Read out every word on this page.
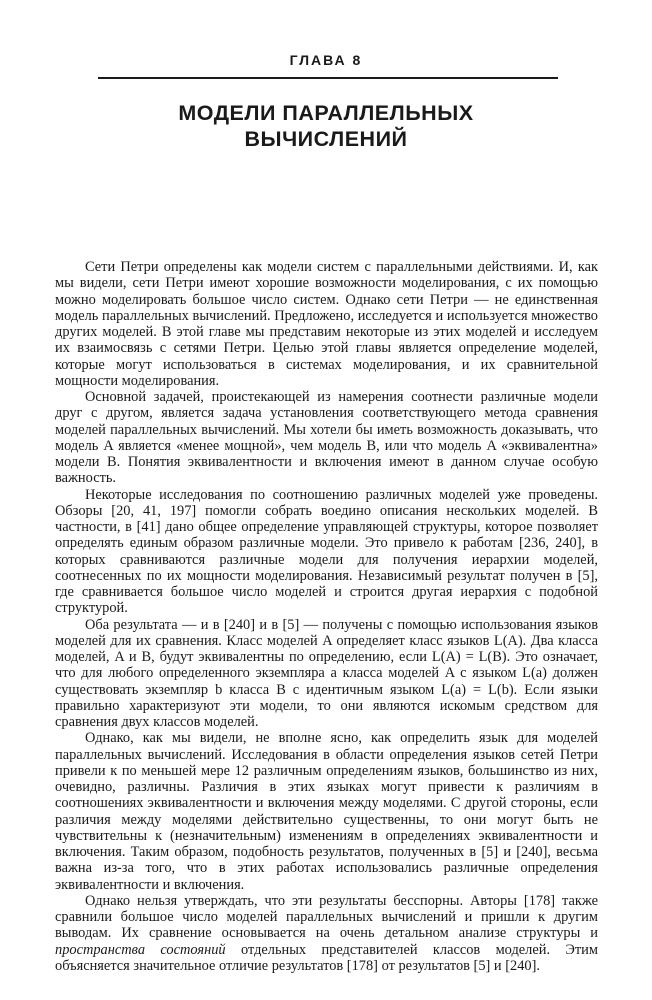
ГЛАВА 8
МОДЕЛИ ПАРАЛЛЕЛЬНЫХ
ВЫЧИСЛЕНИЙ

Сети Петри определены как модели систем с параллельными действиями. И, как мы видели, сети Петри имеют хорошие возможности моделирования, с их помощью можно моделировать большое число систем. Однако сети Петри — не единственная модель параллельных вычислений. Предложено, исследуется и используется множество других моделей. В этой главе мы представим некоторые из этих моделей и исследуем их взаимосвязь с сетями Петри. Целью этой главы является определение моделей, которые могут использоваться в системах моделирования, и их сравнительной мощности моделирования.

Основной задачей, проистекающей из намерения соотнести различные модели друг с другом, является задача установления соответствующего метода сравнения моделей параллельных вычислений. Мы хотели бы иметь возможность доказывать, что модель A является «менее мощной», чем модель B, или что модель A «эквивалентна» модели B. Понятия эквивалентности и включения имеют в данном случае особую важность.

Некоторые исследования по соотношению различных моделей уже проведены. Обзоры [20, 41, 197] помогли собрать воедино описания нескольких моделей. В частности, в [41] дано общее определение управляющей структуры, которое позволяет определять единым образом различные модели. Это привело к работам [236, 240], в которых сравниваются различные модели для получения иерархии моделей, соотнесенных по их мощности моделирования. Независимый результат получен в [5], где сравнивается большое число моделей и строится другая иерархия с подобной структурой.

Оба результата — и в [240] и в [5] — получены с помощью использования языков моделей для их сравнения. Класс моделей A определяет класс языков L(A). Два класса моделей, A и B, будут эквивалентны по определению, если L(A) = L(B). Это означает, что для любого определенного экземпляра a класса моделей A с языком L(a) должен существовать экземпляр b класса B с идентичным языком L(a) = L(b). Если языки правильно характеризуют эти модели, то они являются искомым средством для сравнения двух классов моделей.

Однако, как мы видели, не вполне ясно, как определить язык для моделей параллельных вычислений. Исследования в области определения языков сетей Петри привели к по меньшей мере 12 различным определениям языков, большинство из них, очевидно, различны. Различия в этих языках могут привести к различиям в соотношениях эквивалентности и включения между моделями. С другой стороны, если различия между моделями действительно существенны, то они могут быть не чувствительны к (незначительным) изменениям в определениях эквивалентности и включения. Таким образом, подобность результатов, полученных в [5] и [240], весьма важна из-за того, что в этих работах использовались различные определения эквивалентности и включения.

Однако нельзя утверждать, что эти результаты бесспорны. Авторы [178] также сравнили большое число моделей параллельных вычислений и пришли к другим выводам. Их сравнение основывается на очень детальном анализе структуры и пространства состояний отдельных представителей классов моделей. Этим объясняется значительное отличие результатов [178] от результатов [5] и [240].
